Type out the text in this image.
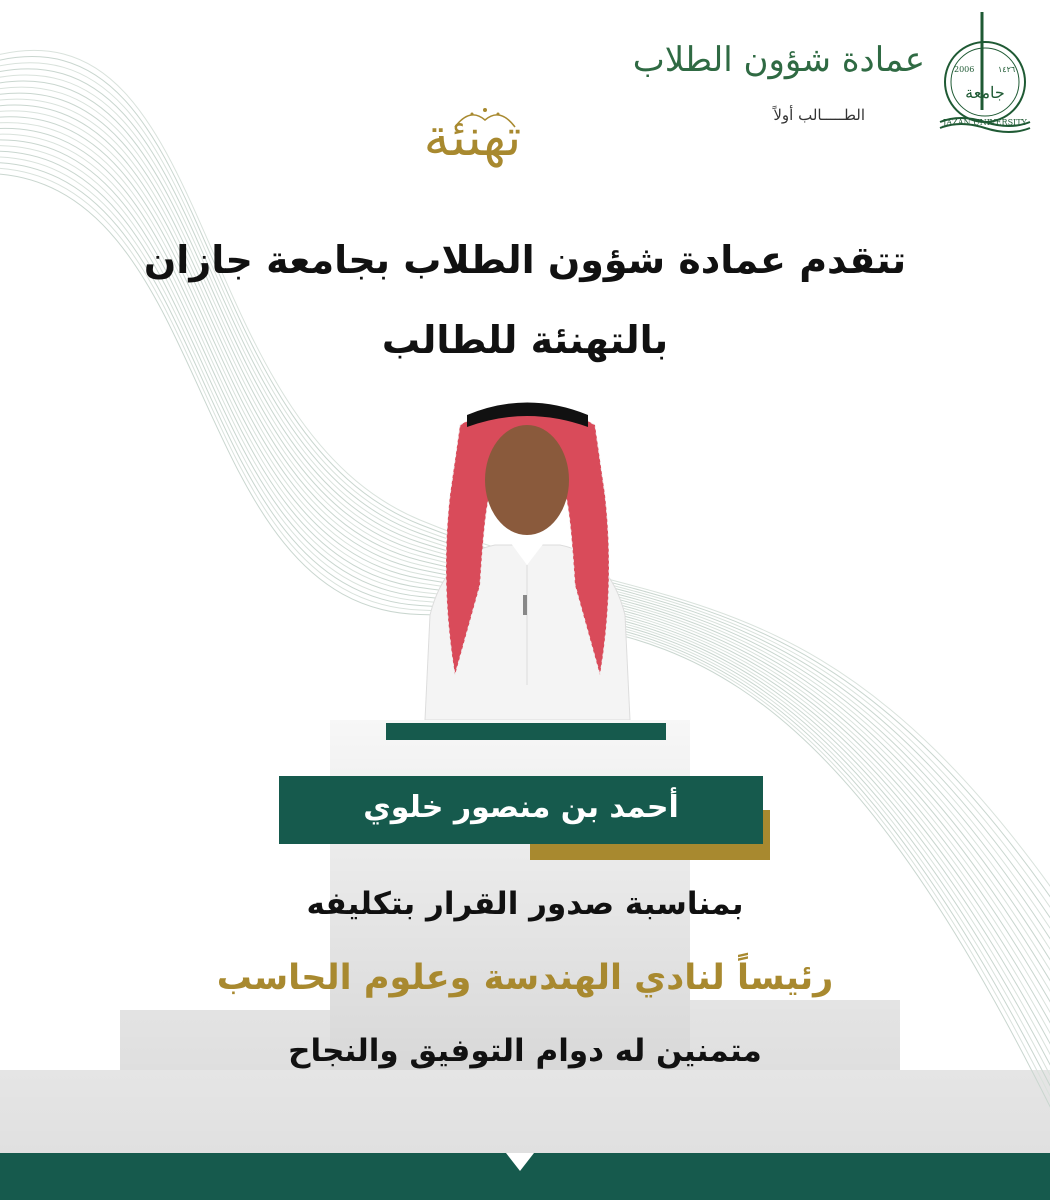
2006	١٤٢٦
جامعة
JAZAN UNIVERSITY
عمادة شؤون الطلاب
الطـــــالب أولاً
تهنئة
تتقدم عمادة شؤون الطلاب بجامعة جازان
بالتهنئة للطالب
أحمد بن منصور خلوي
بمناسبة صدور القرار بتكليفه
رئيساً لنادي الهندسة وعلوم الحاسب
متمنين له دوام التوفيق والنجاح
